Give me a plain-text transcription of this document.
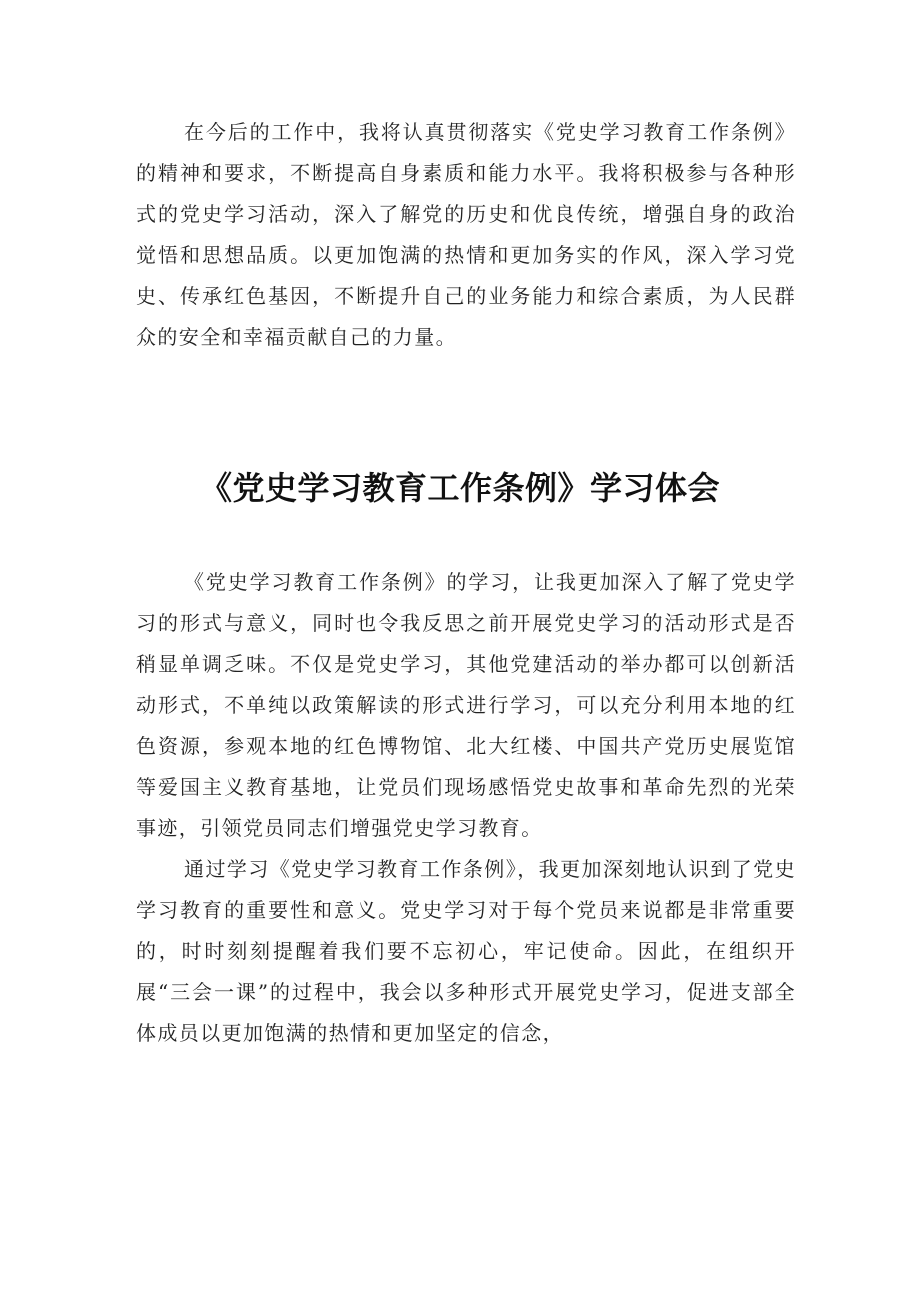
在今后的工作中，我将认真贯彻落实《党史学习教育工作条例》的精神和要求，不断提高自身素质和能力水平。我将积极参与各种形式的党史学习活动，深入了解党的历史和优良传统，增强自身的政治觉悟和思想品质。以更加饱满的热情和更加务实的作风，深入学习党史、传承红色基因，不断提升自己的业务能力和综合素质，为人民群众的安全和幸福贡献自己的力量。

《党史学习教育工作条例》学习体会

《党史学习教育工作条例》的学习，让我更加深入了解了党史学习的形式与意义，同时也令我反思之前开展党史学习的活动形式是否稍显单调乏味。不仅是党史学习，其他党建活动的举办都可以创新活动形式，不单纯以政策解读的形式进行学习，可以充分利用本地的红色资源，参观本地的红色博物馆、北大红楼、中国共产党历史展览馆等爱国主义教育基地，让党员们现场感悟党史故事和革命先烈的光荣事迹，引领党员同志们增强党史学习教育。

通过学习《党史学习教育工作条例》，我更加深刻地认识到了党史学习教育的重要性和意义。党史学习对于每个党员来说都是非常重要的，时时刻刻提醒着我们要不忘初心，牢记使命。因此，在组织开展“三会一课”的过程中，我会以多种形式开展党史学习，促进支部全体成员以更加饱满的热情和更加坚定的信念，
